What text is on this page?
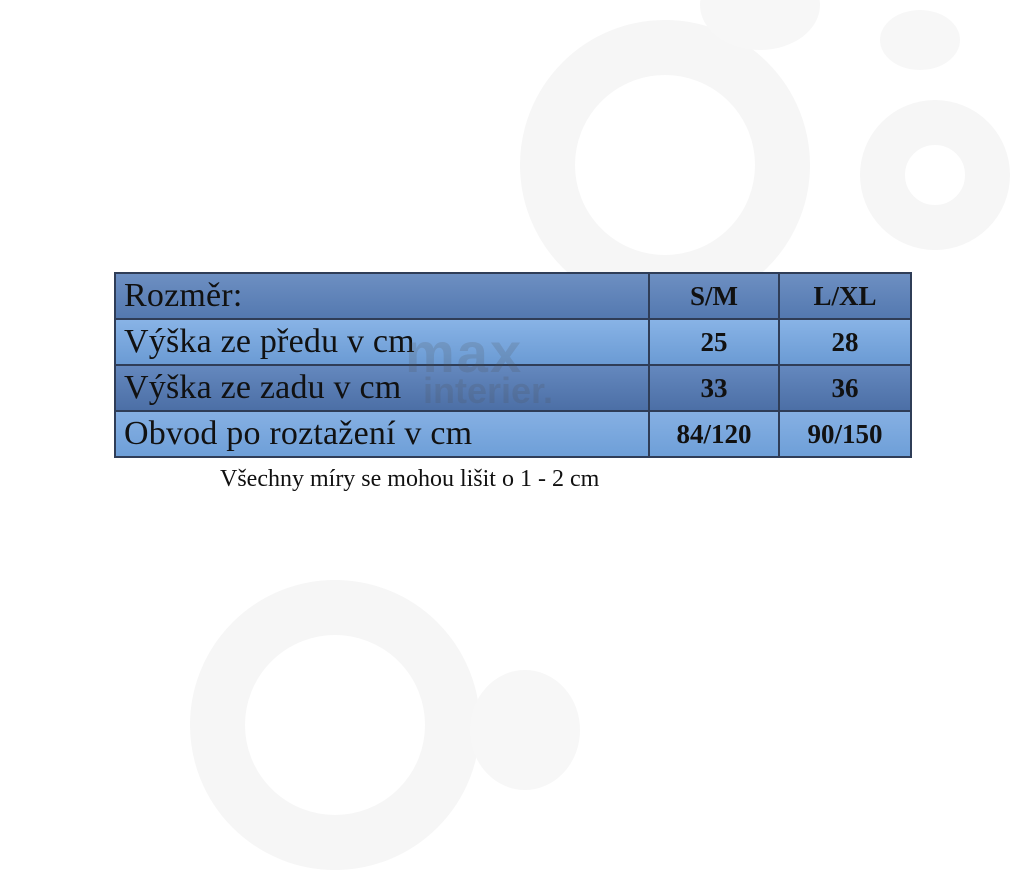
Rozměr:	S/M	L/XL
Výška ze předu v cm	25	28
Výška ze zadu v cm	33	36
Obvod po roztažení v cm	84/120	90/150
Všechny míry se mohou lišit o 1 - 2 cm
